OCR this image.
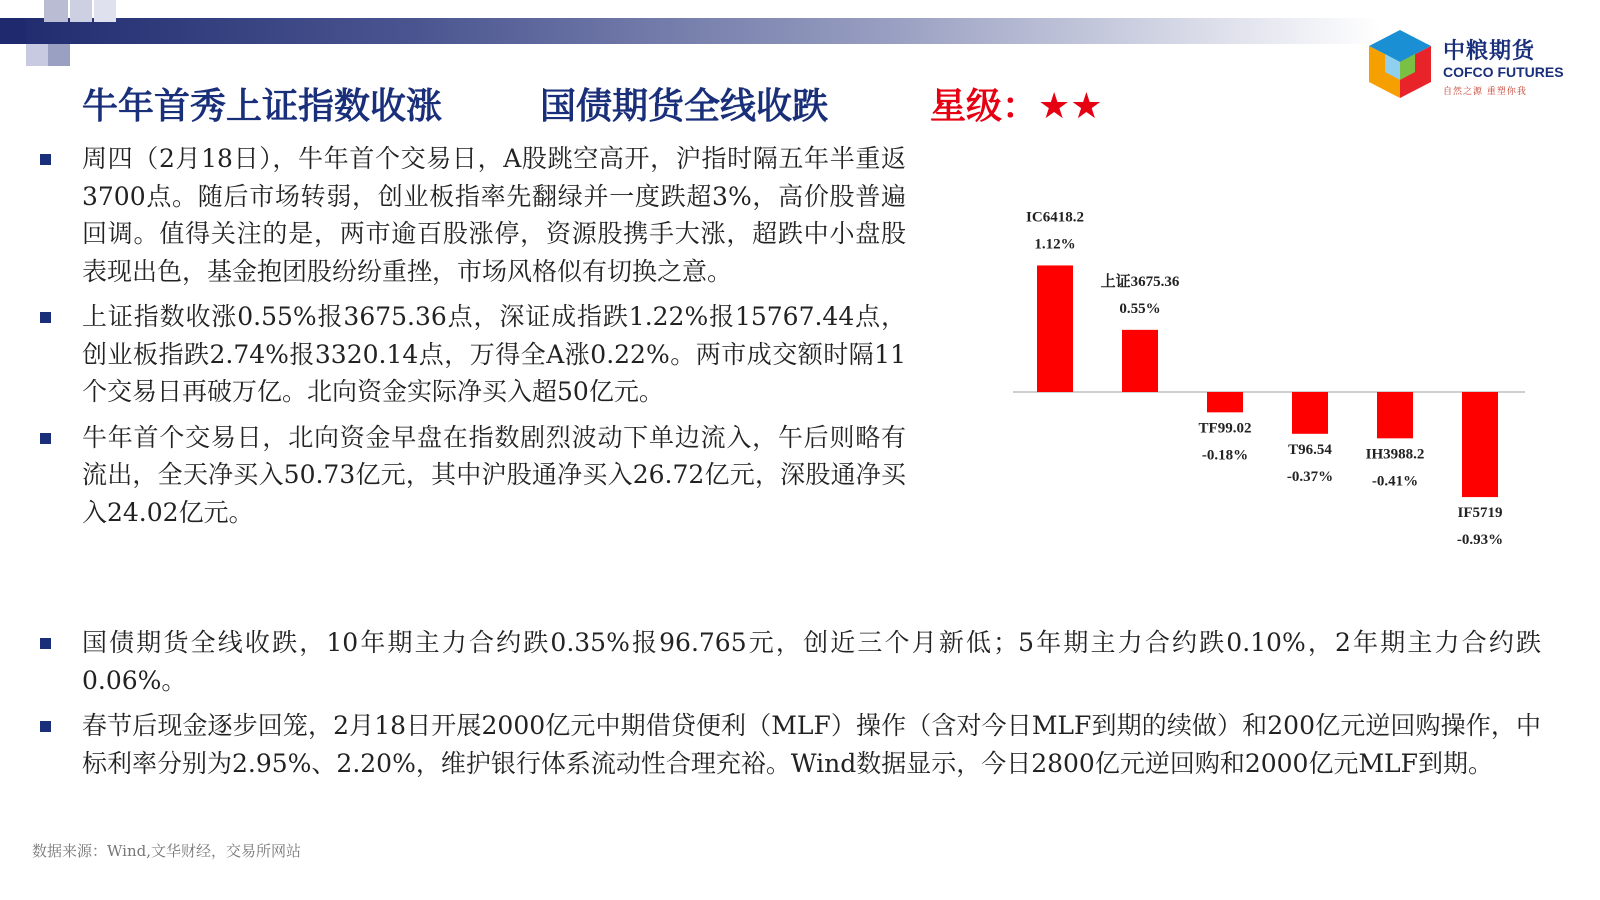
中粮期货
COFCO FUTURES
自然之源 重塑你我
牛年首秀上证指数收涨	国债期货全线收跌	星级：★★
周四（2月18日），牛年首个交易日，A股跳空高开，沪指时隔五年半重返3700点。随后市场转弱，创业板指率先翻绿并一度跌超3%，高价股普遍回调。值得关注的是，两市逾百股涨停，资源股携手大涨，超跌中小盘股表现出色，基金抱团股纷纷重挫，市场风格似有切换之意。
上证指数收涨0.55%报3675.36点，深证成指跌1.22%报15767.44点，创业板指跌2.74%报3320.14点，万得全A涨0.22%。两市成交额时隔11个交易日再破万亿。北向资金实际净买入超50亿元。
牛年首个交易日，北向资金早盘在指数剧烈波动下单边流入，午后则略有流出，全天净买入50.73亿元，其中沪股通净买入26.72亿元，深股通净买入24.02亿元。
IC6418.2
1.12%
上证3675.36
0.55%
TF99.02
-0.18%	T96.54
-0.37%
IH3988.2
-0.41%
IF5719
-0.93%
国债期货全线收跌，10年期主力合约跌0.35%报96.765元，创近三个月新低；5年期主力合约跌0.10%，2年期主力合约跌0.06%。
春节后现金逐步回笼，2月18日开展2000亿元中期借贷便利（MLF）操作（含对今日MLF到期的续做）和200亿元逆回购操作，中标利率分别为2.95%、2.20%，维护银行体系流动性合理充裕。Wind数据显示，今日2800亿元逆回购和2000亿元MLF到期。
数据来源：Wind,文华财经，交易所网站
